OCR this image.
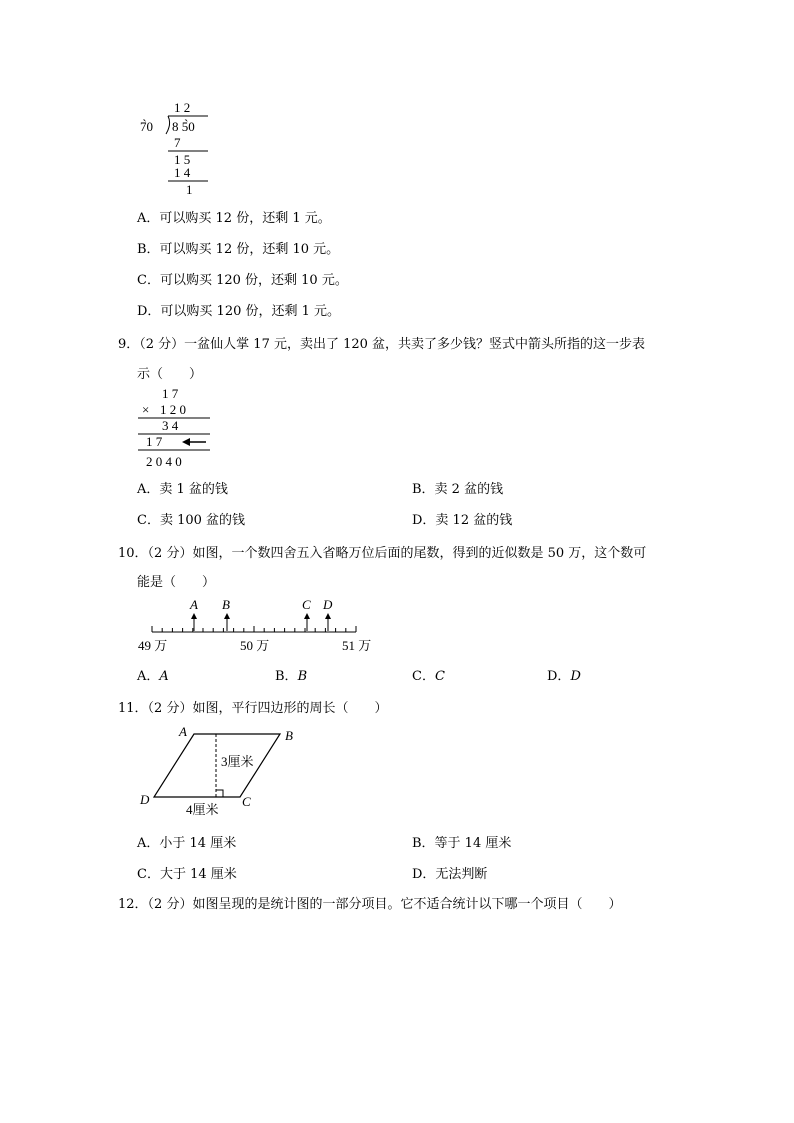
1 2
7̀0 8 5̀0
7
1 5
1 4
1
A．可以购买 12 份，还剩 1 元。
B．可以购买 12 份，还剩 10 元。
C．可以购买 120 份，还剩 10 元。
D．可以购买 120 份，还剩 1 元。
9．（2 分）一盆仙人掌 17 元，卖出了 120 盆，共卖了多少钱？竖式中箭头所指的这一步表
示（　　）
1 7
× 1 2 0
3 4
1 7
2 0 4 0
A．卖 1 盆的钱	B．卖 2 盆的钱
C．卖 100 盆的钱	D．卖 12 盆的钱
10．（2 分）如图，一个数四舍五入省略万位后面的尾数，得到的近似数是 50 万，这个数可
能是（　　）
A B	C D
49 万	50 万	51 万
A．A	B．B	C．C	D．D
11．（2 分）如图，平行四边形的周长（　　）
A	B
C
D
3厘米
4厘米
A．小于 14 厘米	B．等于 14 厘米
C．大于 14 厘米	D．无法判断
12．（2 分）如图呈现的是统计图的一部分项目。它不适合统计以下哪一个项目（　　）
